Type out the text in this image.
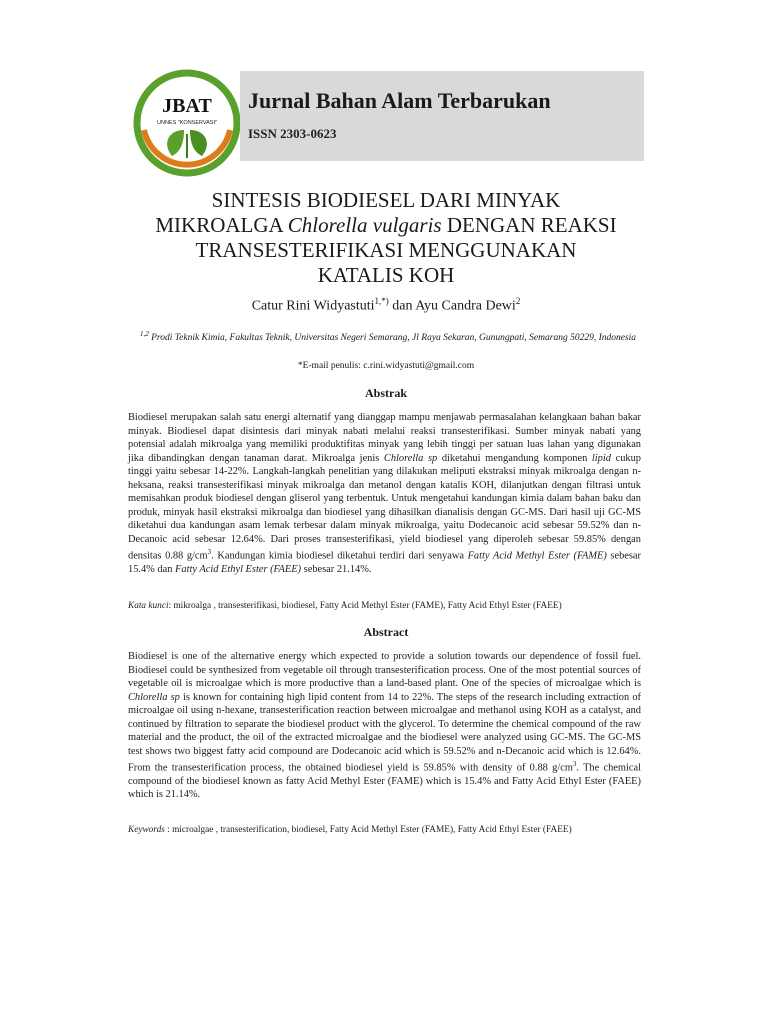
JBAT
UNNES "KONSERVASI"
Jurnal Bahan Alam Terbarukan
ISSN 2303-0623
SINTESIS BIODIESEL DARI MINYAK
MIKROALGA Chlorella vulgaris DENGAN REAKSI
TRANSESTERIFIKASI MENGGUNAKAN
KATALIS KOH
Catur Rini Widyastuti$^{1,*)}$ dan Ayu Candra Dewi$^2$
$^{1,2}$ Prodi Teknik Kimia, Fakultas Teknik, Universitas Negeri Semarang, Jl Raya Sekaran, Gunungpati, Semarang 50229, Indonesia
*E-mail penulis: c.rini.widyastuti@gmail.com
Abstrak
Biodiesel merupakan salah satu energi alternatif yang dianggap mampu menjawab permasalahan kelangkaan bahan bakar minyak. Biodiesel dapat disintesis dari minyak nabati melalui reaksi transesterifikasi. Sumber minyak nabati yang potensial adalah mikroalga yang memiliki produktifitas minyak yang lebih tinggi per satuan luas lahan yang digunakan jika dibandingkan dengan tanaman darat. Mikroalga jenis Chlorella sp diketahui mengandung komponen lipid cukup tinggi yaitu sebesar 14-22%. Langkah-langkah penelitian yang dilakukan meliputi ekstraksi minyak mikroalga dengan n-heksana, reaksi transesterifikasi minyak mikroalga dan metanol dengan katalis KOH, dilanjutkan dengan filtrasi untuk memisahkan produk biodiesel dengan gliserol yang terbentuk. Untuk mengetahui kandungan kimia dalam bahan baku dan produk, minyak hasil ekstraksi mikroalga dan biodiesel yang dihasilkan dianalisis dengan GC-MS. Dari hasil uji GC-MS diketahui dua kandungan asam lemak terbesar dalam minyak mikroalga, yaitu Dodecanoic acid sebesar 59.52% dan n-Decanoic acid sebesar 12.64%. Dari proses transesterifikasi, yield biodiesel yang diperoleh sebesar 59.85% dengan densitas 0.88 $g/cm^3$. Kandungan kimia biodiesel diketahui terdiri dari senyawa Fatty Acid Methyl Ester (FAME) sebesar 15.4% dan Fatty Acid Ethyl Ester (FAEE) sebesar 21.14%.
Kata kunci: mikroalga , transesterifikasi, biodiesel, Fatty Acid Methyl Ester (FAME), Fatty Acid Ethyl Ester (FAEE)
Abstract
Biodiesel is one of the alternative energy which expected to provide a solution towards our dependence of fossil fuel. Biodiesel could be synthesized from vegetable oil through transesterification process. One of the most potential sources of vegetable oil is microalgae which is more productive than a land-based plant. One of the species of microalgae which is Chlorella sp is known for containing high lipid content from 14 to 22%. The steps of the research including extraction of microalgae oil using n-hexane, transesterification reaction between microalgae and methanol using KOH as a catalyst, and continued by filtration to separate the biodiesel product with the glycerol. To determine the chemical compound of the raw material and the product, the oil of the extracted microalgae and the biodiesel were analyzed using GC-MS. The GC-MS test shows two biggest fatty acid compound are Dodecanoic acid which is 59.52% and n-Decanoic acid which is 12.64%. From the transesterification process, the obtained biodiesel yield is 59.85% with density of 0.88 $g/cm^3$. The chemical compound of the biodiesel known as fatty Acid Methyl Ester (FAME) which is 15.4% and Fatty Acid Ethyl Ester (FAEE) which is 21.14%.
Keywords : microalgae , transesterification, biodiesel, Fatty Acid Methyl Ester (FAME), Fatty Acid Ethyl Ester (FAEE)
